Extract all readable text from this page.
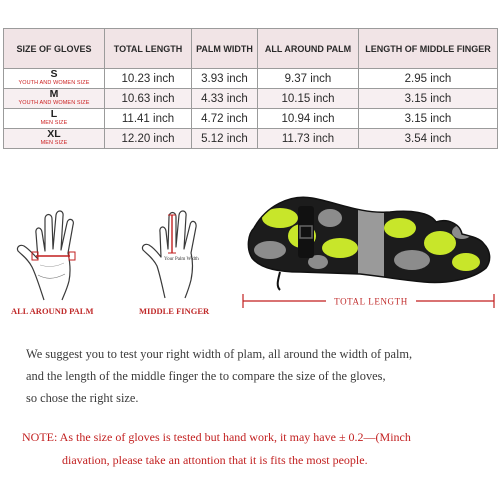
SIZE OF GLOVES	TOTAL LENGTH	PALM WIDTH	ALL AROUND PALM	LENGTH OF MIDDLE FINGER

S
YOUTH AND WOMEN SIZE	10.23 inch	3.93 inch	9.37 inch	2.95 inch

M
YOUTH AND WOMEN SIZE	10.63 inch	4.33 inch	10.15 inch	3.15 inch

L
MEN SIZE	11.41 inch	4.72 inch	10.94 inch	3.15 inch

XL
MEN SIZE	12.20 inch	5.12 inch	11.73 inch	3.54 inch
ALL AROUND PALM
Your Palm Width
MIDDLE FINGER
TOTAL LENGTH

We suggest you to test your right width of plam, all around the width of palm,
and the length of the middle finger the to compare the size of the gloves,
so chose the right size.

NOTE: As the size of gloves is tested but hand work, it may have ± 0.2—(Minch
diavation, please take an attontion that it is fits the most people.
